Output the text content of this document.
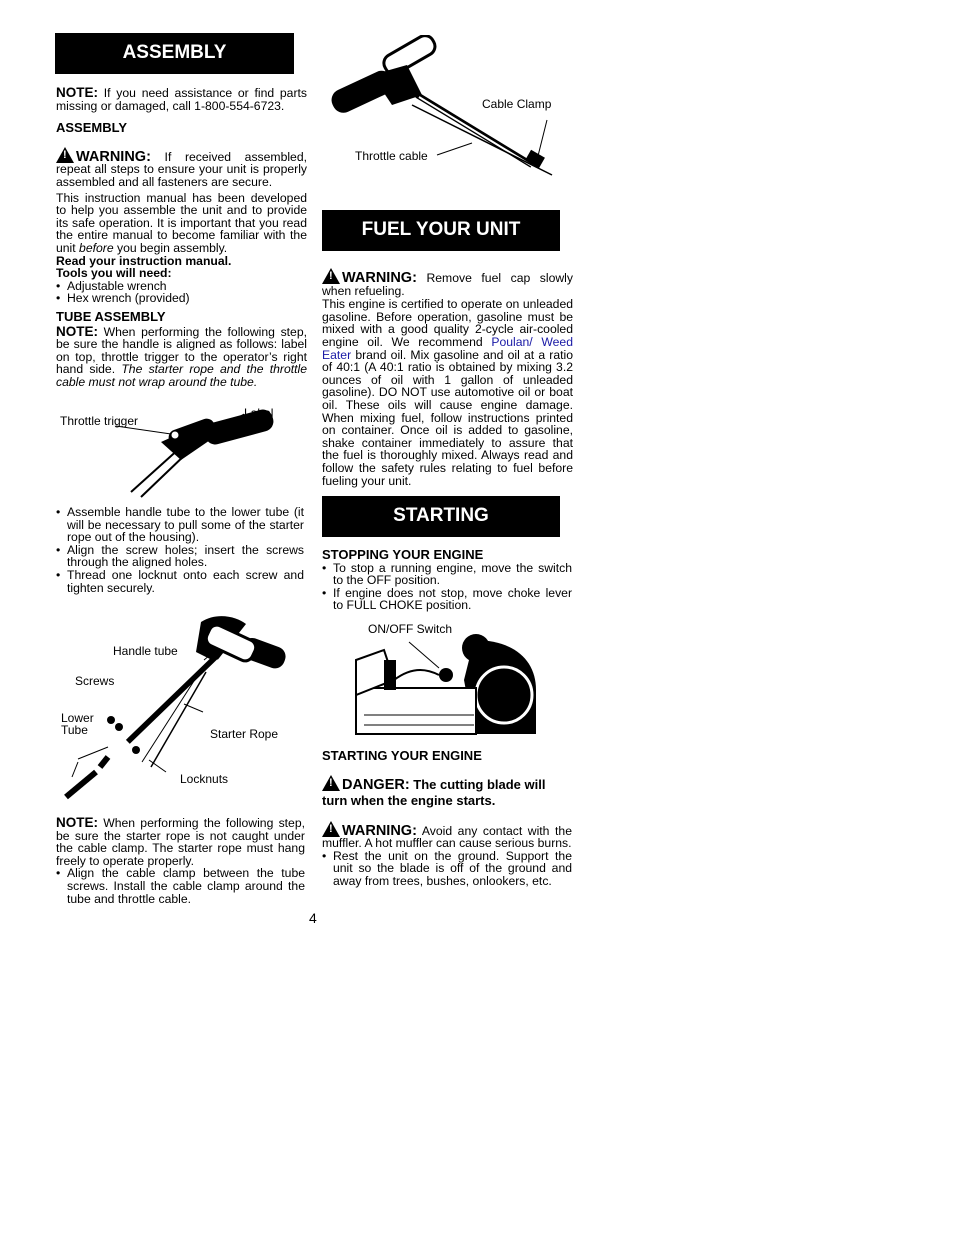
ASSEMBLY

NOTE: If you need assistance or find parts missing or damaged, call 1-800-554-6723.

ASSEMBLY

!WARNING: If received assembled, repeat all steps to ensure your unit is properly assembled and all fasteners are secure.

This instruction manual has been developed to help you assemble the unit and to provide its safe operation. It is important that you read the entire manual to become familiar with the unit before you begin assembly.

Read your instruction manual.

Tools you will need:

• Adjustable wrench
• Hex wrench (provided)

TUBE ASSEMBLY

NOTE: When performing the following step, be sure the handle is aligned as follows: label on top, throttle trigger to the operator’s right hand side. The starter rope and the throttle cable must not wrap around the tube.

Throttle trigger
Label
• Assemble handle tube to the lower tube (it will be necessary to pull some of the starter rope out of the housing).
• Align the screw holes; insert the screws through the aligned holes.
• Thread one locknut onto each screw and tighten securely.
Handle tube
Screws
Lower
Tube	Starter Rope
Locknuts

NOTE: When performing the following step, be sure the starter rope is not caught under the cable clamp. The starter rope must hang freely to operate properly.

• Align the cable clamp between the tube screws. Install the cable clamp around the tube and throttle cable.
Cable Clamp
Throttle cable
FUEL YOUR UNIT

!WARNING: Remove fuel cap slowly when refueling.

This engine is certified to operate on unleaded gasoline. Before operation, gasoline must be mixed with a good quality 2-cycle air-cooled engine oil. We recommend Poulan/ Weed Eater brand oil. Mix gasoline and oil at a ratio of 40:1 (A 40:1 ratio is obtained by mixing 3.2 ounces of oil with 1 gallon of unleaded gasoline). DO NOT use automotive oil or boat oil. These oils will cause engine damage. When mixing fuel, follow instructions printed on container. Once oil is added to gasoline, shake container immediately to assure that the fuel is thoroughly mixed. Always read and follow the safety rules relating to fuel before fueling your unit.

STARTING

STOPPING YOUR ENGINE

• To stop a running engine, move the switch to the OFF position.
• If engine does not stop, move choke lever to FULL CHOKE position.
ON/OFF Switch

STARTING YOUR ENGINE

!DANGER: The cutting blade will turn when the engine starts.

!WARNING: Avoid any contact with the muffler. A hot muffler can cause serious burns.

• Rest the unit on the ground. Support the unit so the blade is off of the ground and away from trees, bushes, onlookers, etc.
4
